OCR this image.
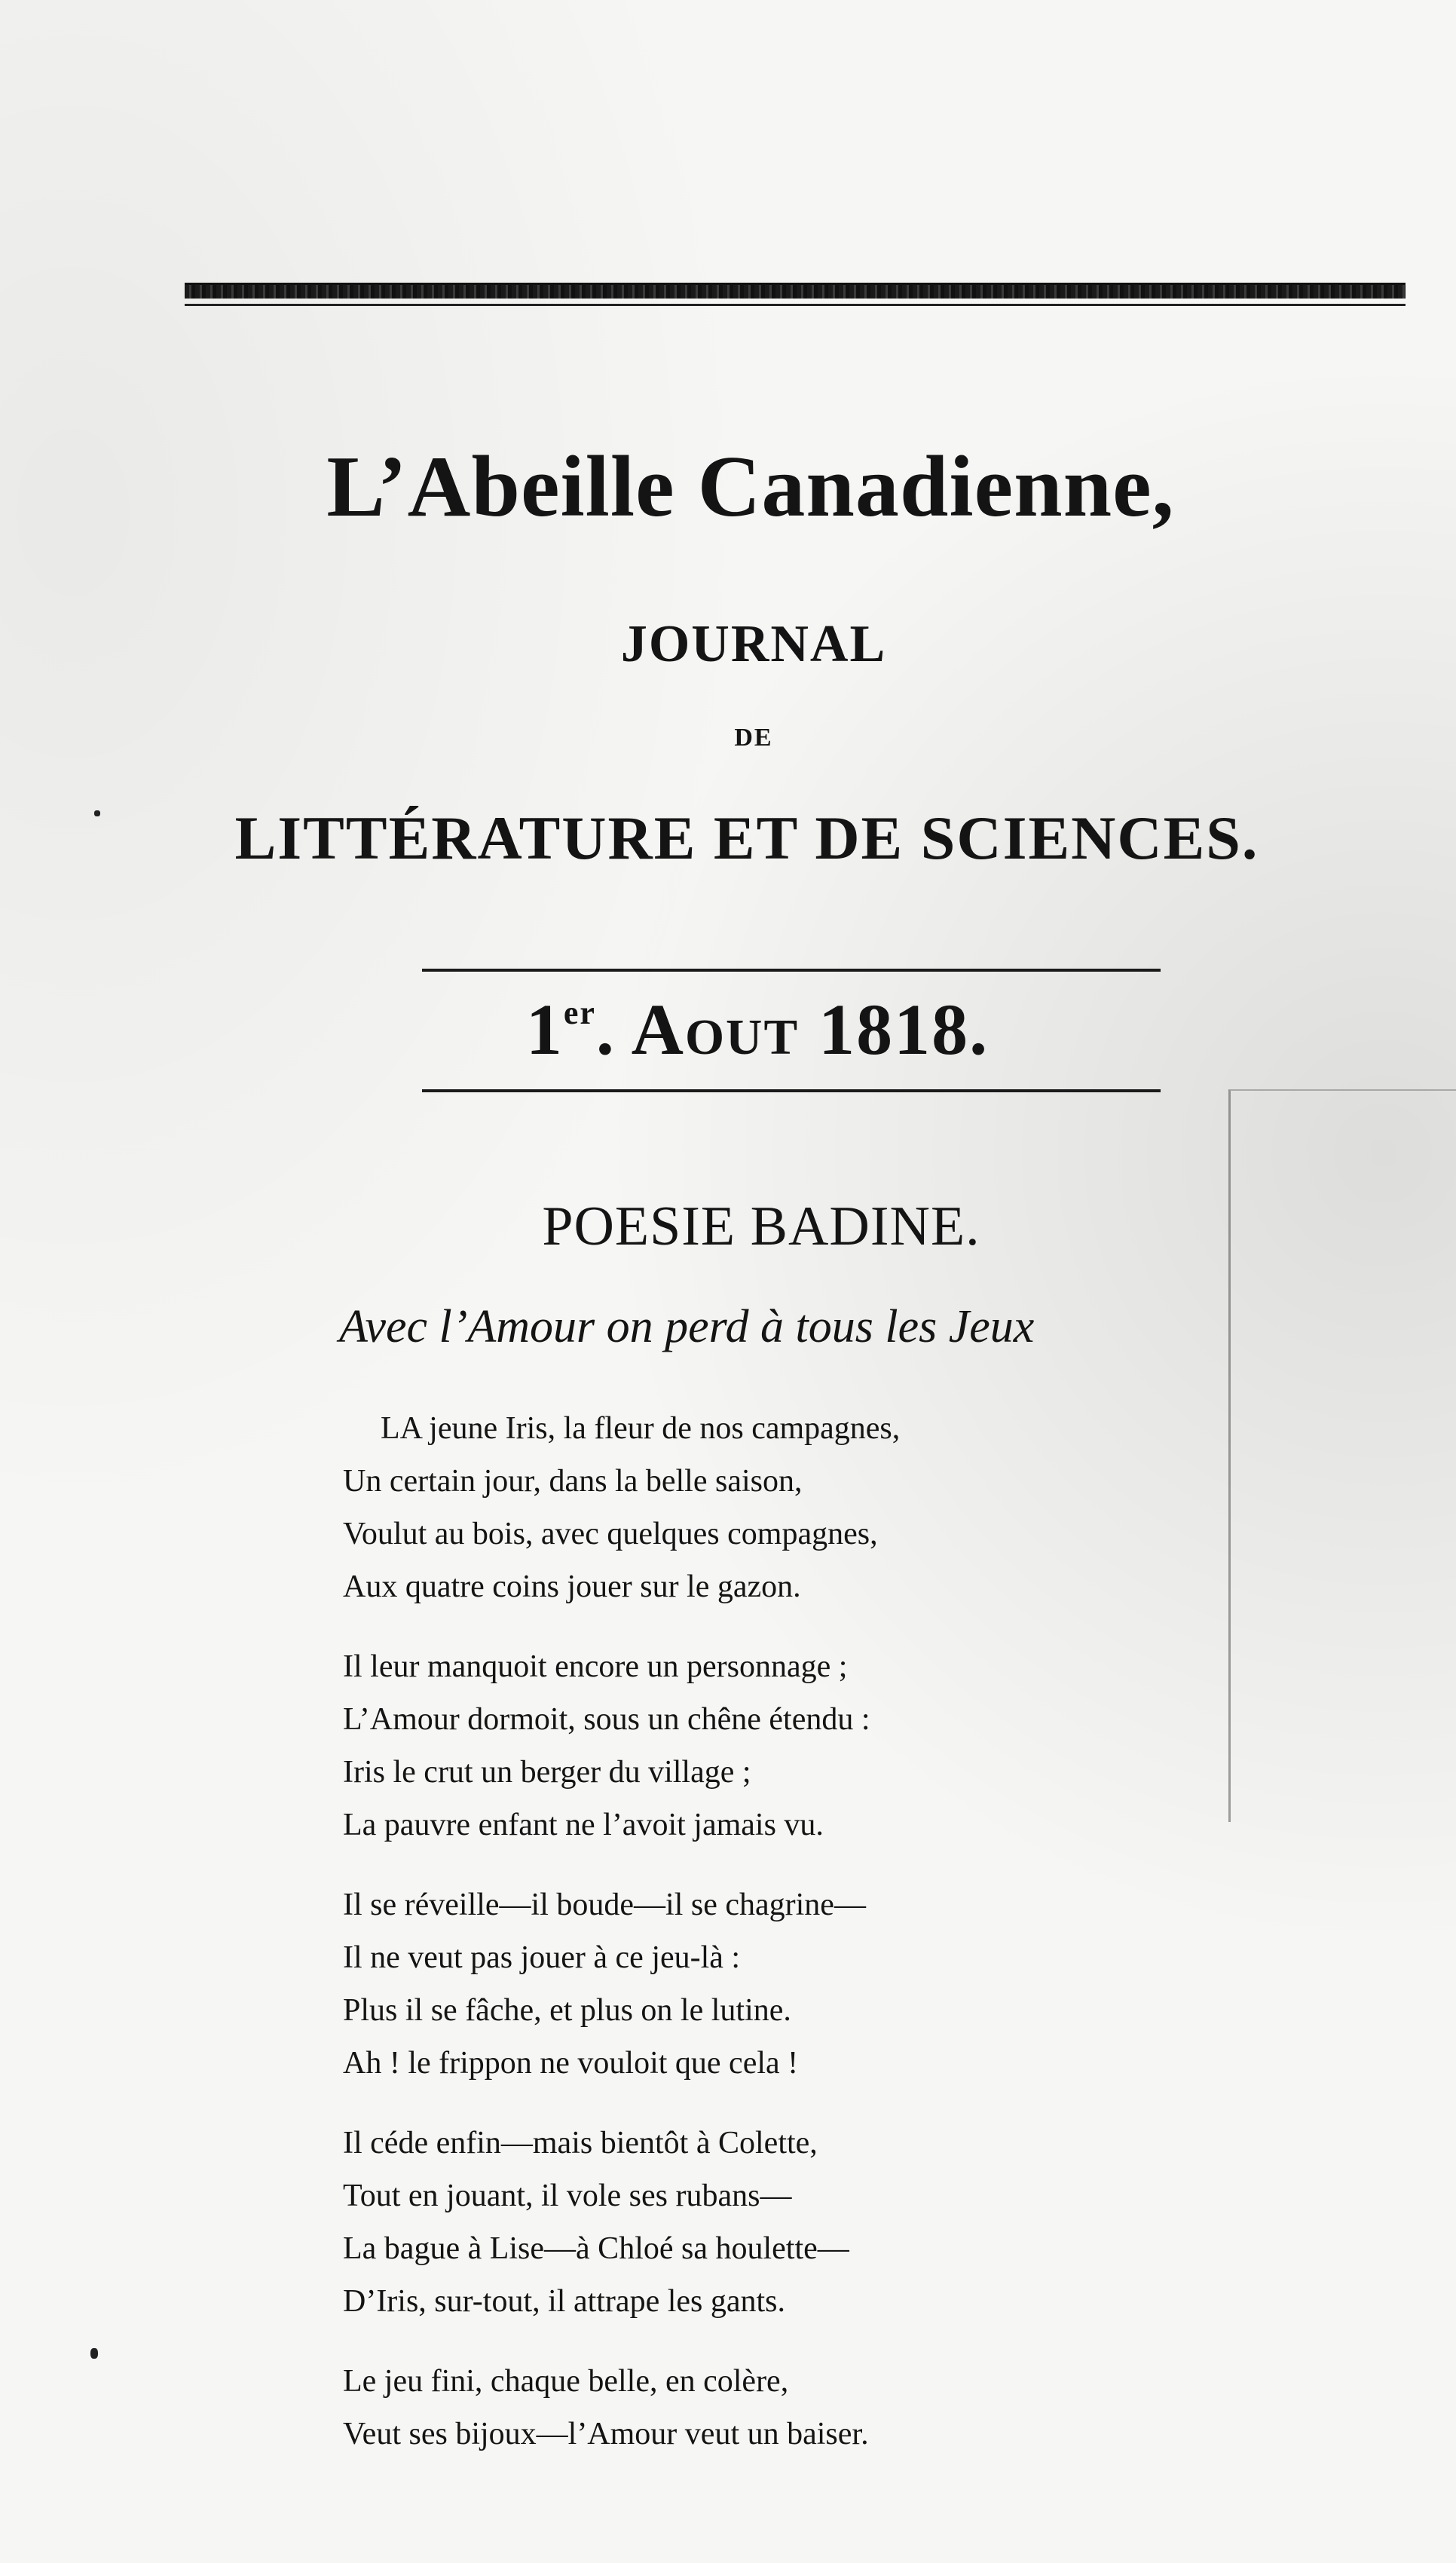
L’Abeille Canadienne,
JOURNAL
DE
LITTÉRATURE ET DE SCIENCES.
1er. Aout 1818.
POESIE BADINE.
Avec l’Amour on perd à tous les Jeux
LA jeune Iris, la fleur de nos campagnes,
Un certain jour, dans la belle saison,
Voulut au bois, avec quelques compagnes,
Aux quatre coins jouer sur le gazon.
Il leur manquoit encore un personnage ;
L’Amour dormoit, sous un chêne étendu :
Iris le crut un berger du village ;
La pauvre enfant ne l’avoit jamais vu.
Il se réveille—il boude—il se chagrine—
Il ne veut pas jouer à ce jeu-là :
Plus il se fâche, et plus on le lutine.
Ah ! le frippon ne vouloit que cela !
Il céde enfin—mais bientôt à Colette,
Tout en jouant, il vole ses rubans—
La bague à Lise—à Chloé sa houlette—
D’Iris, sur-tout, il attrape les gants.
Le jeu fini, chaque belle, en colère,
Veut ses bijoux—l’Amour veut un baiser.
